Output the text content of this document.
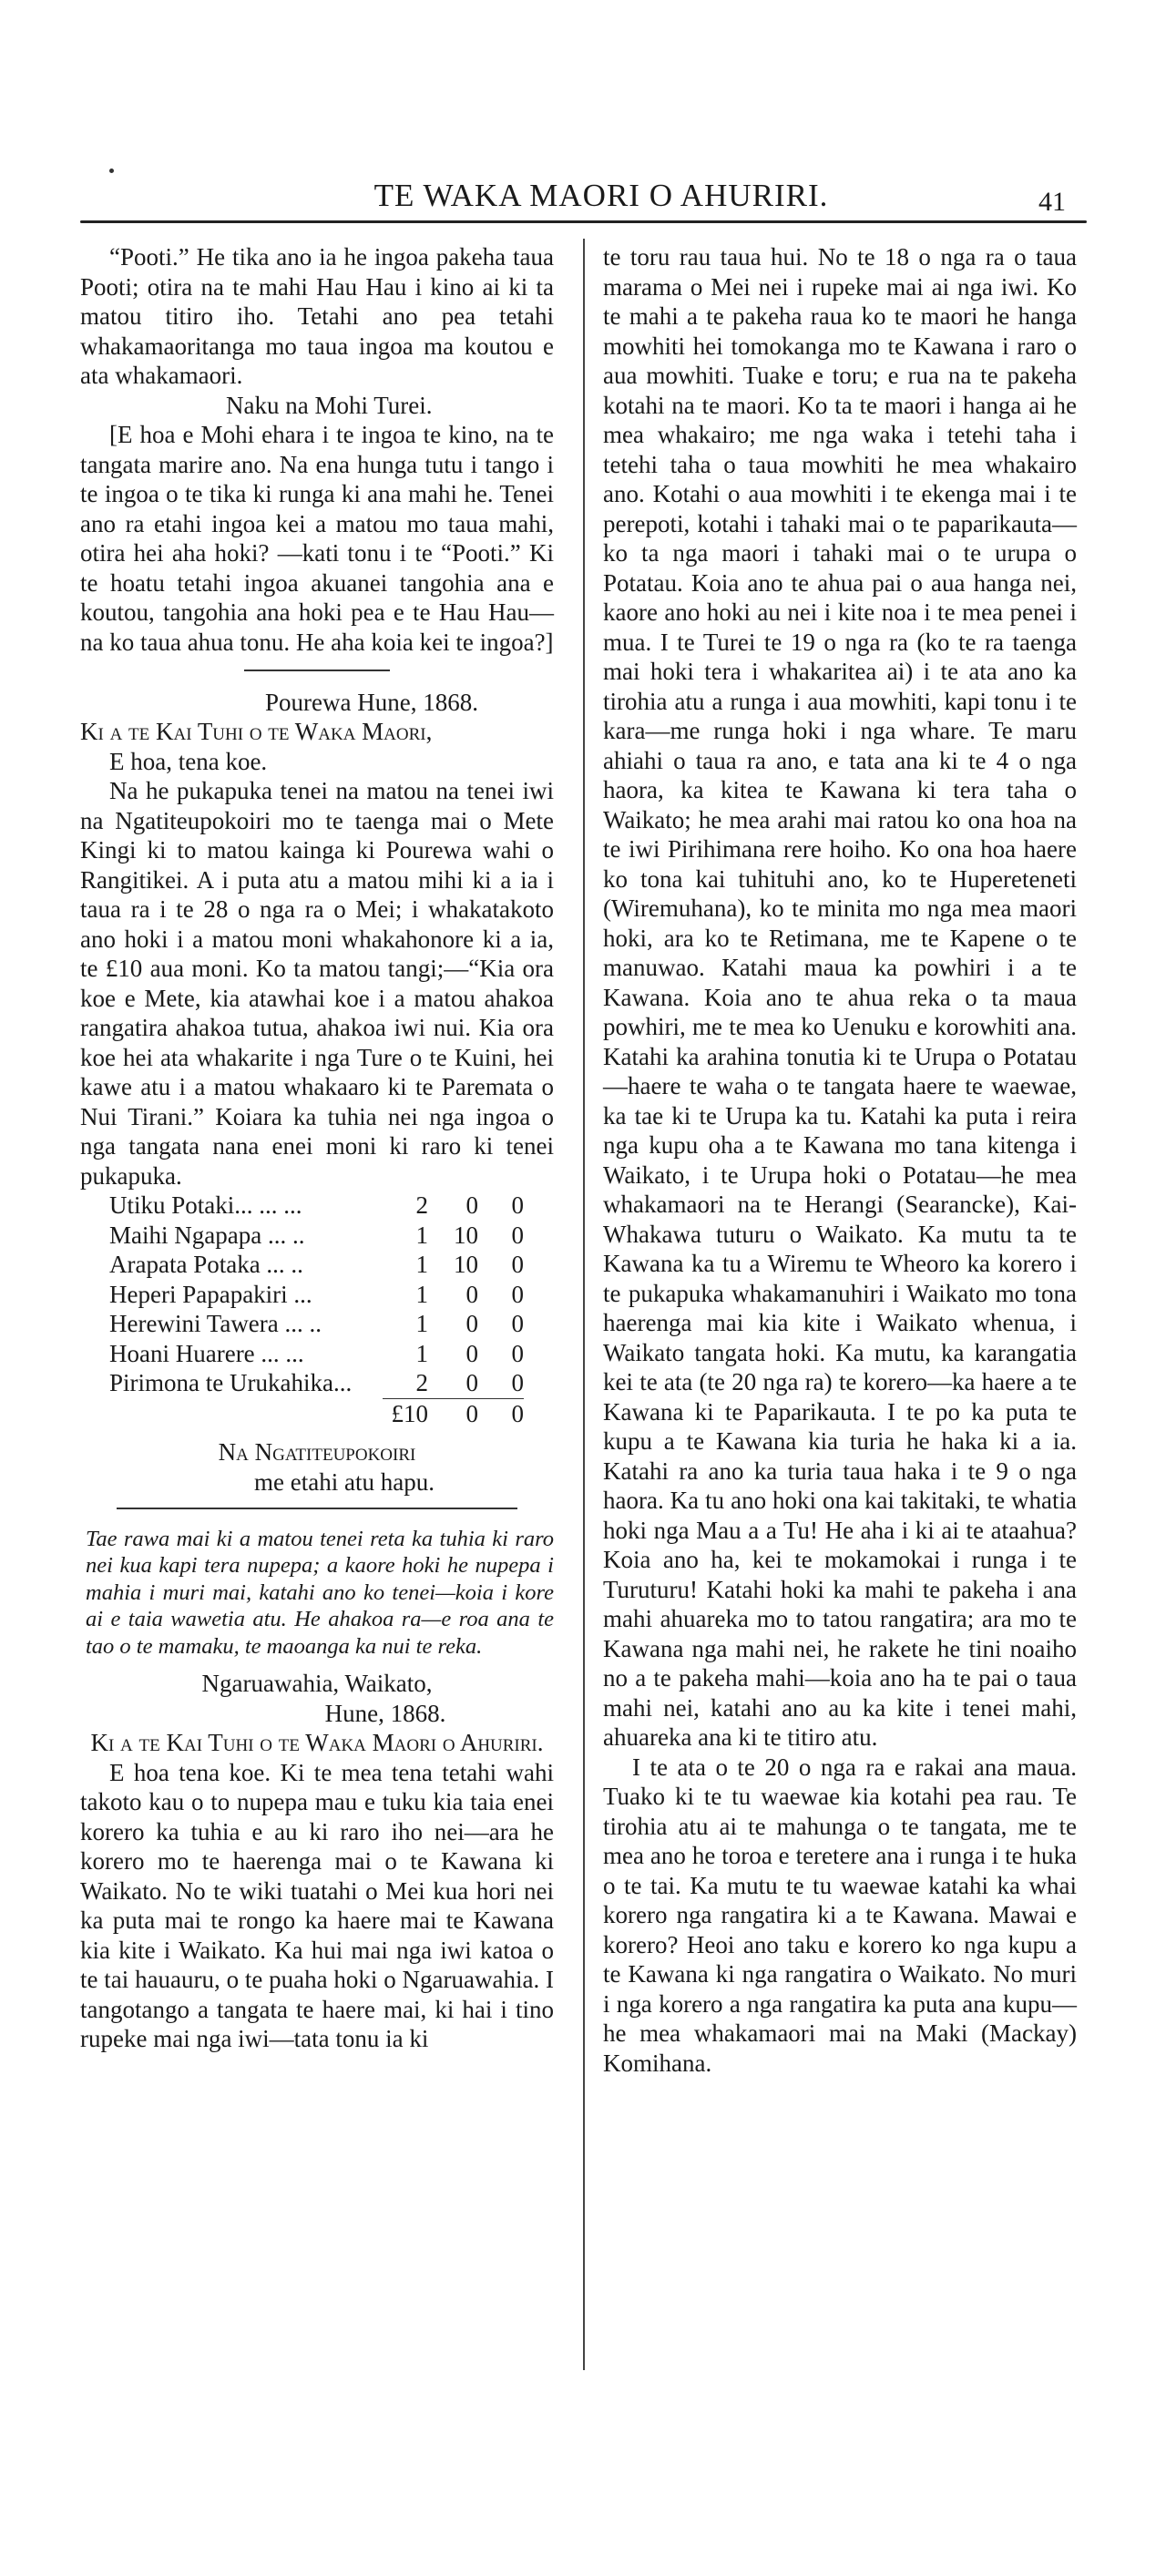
TE WAKA MAORI O AHURIRI.	41

“Pooti.” He tika ano ia he ingoa pakeha taua Pooti; otira na te mahi Hau Hau i kino ai ki ta matou titiro iho. Tetahi ano pea tetahi whakamaoritanga mo taua ingoa ma koutou e ata whakamaori.

Naku na Mohi Turei.

[E hoa e Mohi ehara i te ingoa te kino, na te tangata marire ano. Na ena hunga tutu i tango i te ingoa o te tika ki runga ki ana mahi he. Tenei ano ra etahi ingoa kei a matou mo taua mahi, otira hei aha hoki? —kati tonu i te “Pooti.” Ki te hoatu tetahi ingoa akuanei tangohia ana e koutou, tangohia ana hoki pea e te Hau Hau—na ko taua ahua tonu. He aha koia kei te ingoa?]

Pourewa Hune, 1868.

Ki a te Kai Tuhi o te Waka Maori,

E hoa, tena koe.

Na he pukapuka tenei na matou na tenei iwi na Ngatiteupokoiri mo te taenga mai o Mete Kingi ki to matou kainga ki Pourewa wahi o Rangitikei. A i puta atu a matou mihi ki a ia i taua ra i te 28 o nga ra o Mei; i whakatakoto ano hoki i a matou moni whakahonore ki a ia, te £10 aua moni. Ko ta matou tangi;—“Kia ora koe e Mete, kia atawhai koe i a matou ahakoa rangatira ahakoa tutua, ahakoa iwi nui. Kia ora koe hei ata whakarite i nga Ture o te Kuini, hei kawe atu i a matou whakaaro ki te Paremata o Nui Tirani.” Koiara ka tuhia nei nga ingoa o nga tangata nana enei moni ki raro ki tenei pukapuka.

Utiku Potaki... ... ...	2	0	0
Maihi Ngapapa ... ..	1	10	0
Arapata Potaka ... ..	1	10	0
Heperi Papapakiri ...	1	0	0
Herewini Tawera ... ..	1	0	0
Hoani Huarere ... ...	1	0	0
Pirimona te Urukahika...	2	0	0
	£10	0	0

Na Ngatiteupokoiri

me etahi atu hapu.

Tae rawa mai ki a matou tenei reta ka tuhia ki raro nei kua kapi tera nupepa; a kaore hoki he nupepa i mahia i muri mai, katahi ano ko tenei—koia i kore ai e taia wawetia atu. He ahakoa ra—e roa ana te tao o te mamaku, te maoanga ka nui te reka.

Ngaruawahia, Waikato,

Hune, 1868.

Ki a te Kai Tuhi o te Waka Maori o Ahuriri.

E hoa tena koe. Ki te mea tena tetahi wahi takoto kau o to nupepa mau e tuku kia taia enei korero ka tuhia e au ki raro iho nei—ara he korero mo te haerenga mai o te Kawana ki Waikato. No te wiki tuatahi o Mei kua hori nei ka puta mai te rongo ka haere mai te Kawana kia kite i Waikato. Ka hui mai nga iwi katoa o te tai hauauru, o te puaha hoki o Ngaruawahia. I tangotango a tangata te haere mai, ki hai i tino rupeke mai nga iwi—tata tonu ia ki

te toru rau taua hui. No te 18 o nga ra o taua marama o Mei nei i rupeke mai ai nga iwi. Ko te mahi a te pakeha raua ko te maori he hanga mowhiti hei tomokanga mo te Kawana i raro o aua mowhiti. Tuake e toru; e rua na te pakeha kotahi na te maori. Ko ta te maori i hanga ai he mea whakairo; me nga waka i tetehi taha i tetehi taha o taua mowhiti he mea whakairo ano. Kotahi o aua mowhiti i te ekenga mai i te perepoti, kotahi i tahaki mai o te paparikauta—ko ta nga maori i tahaki mai o te urupa o Potatau. Koia ano te ahua pai o aua hanga nei, kaore ano hoki au nei i kite noa i te mea penei i mua. I te Turei te 19 o nga ra (ko te ra taenga mai hoki tera i whakaritea ai) i te ata ano ka tirohia atu a runga i aua mowhiti, kapi tonu i te kara—me runga hoki i nga whare. Te maru ahiahi o taua ra ano, e tata ana ki te 4 o nga haora, ka kitea te Kawana ki tera taha o Waikato; he mea arahi mai ratou ko ona hoa na te iwi Pirihimana rere hoiho. Ko ona hoa haere ko tona kai tuhituhi ano, ko te Hupereteneti (Wiremuhana), ko te minita mo nga mea maori hoki, ara ko te Retimana, me te Kapene o te manuwao. Katahi maua ka powhiri i a te Kawana. Koia ano te ahua reka o ta maua powhiri, me te mea ko Uenuku e korowhiti ana. Katahi ka arahina tonutia ki te Urupa o Potatau—haere te waha o te tangata haere te waewae, ka tae ki te Urupa ka tu. Katahi ka puta i reira nga kupu oha a te Kawana mo tana kitenga i Waikato, i te Urupa hoki o Potatau—he mea whakamaori na te Herangi (Searancke), Kai-Whakawa tuturu o Waikato. Ka mutu ta te Kawana ka tu a Wiremu te Wheoro ka korero i te pukapuka whakamanuhiri i Waikato mo tona haerenga mai kia kite i Waikato whenua, i Waikato tangata hoki. Ka mutu, ka karangatia kei te ata (te 20 nga ra) te korero—ka haere a te Kawana ki te Paparikauta. I te po ka puta te kupu a te Kawana kia turia he haka ki a ia. Katahi ra ano ka turia taua haka i te 9 o nga haora. Ka tu ano hoki ona kai takitaki, te whatia hoki nga Mau a a Tu! He aha i ki ai te ataahua? Koia ano ha, kei te mokamokai i runga i te Turuturu! Katahi hoki ka mahi te pakeha i ana mahi ahuareka mo to tatou rangatira; ara mo te Kawana nga mahi nei, he rakete he tini noaiho no a te pakeha mahi—koia ano ha te pai o taua mahi nei, katahi ano au ka kite i tenei mahi, ahuareka ana ki te titiro atu.

I te ata o te 20 o nga ra e rakai ana maua. Tuako ki te tu waewae kia kotahi pea rau. Te tirohia atu ai te mahunga o te tangata, me te mea ano he toroa e teretere ana i runga i te huka o te tai. Ka mutu te tu waewae katahi ka whai korero nga rangatira ki a te Kawana. Mawai e korero? Heoi ano taku e korero ko nga kupu a te Kawana ki nga rangatira o Waikato. No muri i nga korero a nga rangatira ka puta ana kupu—he mea whakamaori mai na Maki (Mackay) Komihana.
